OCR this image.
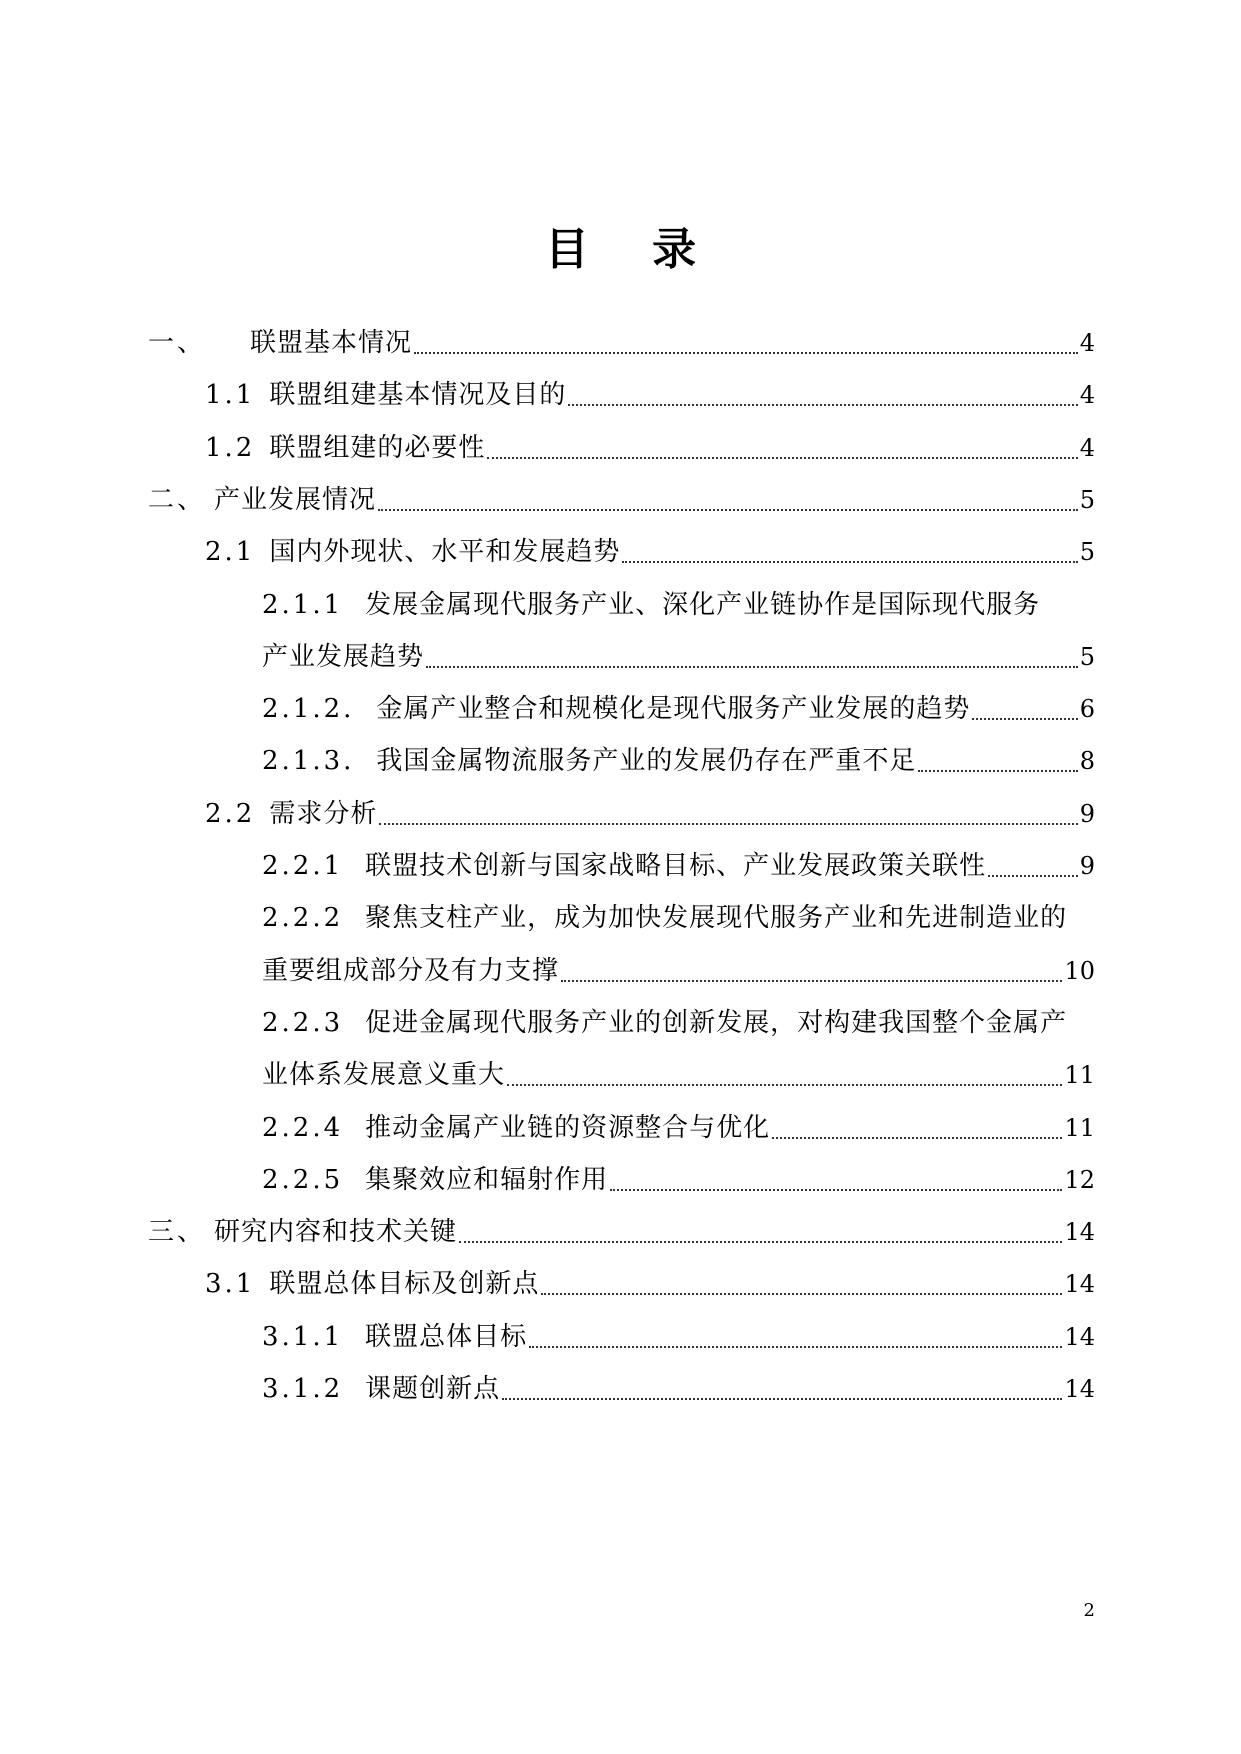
目 录
一、 联盟基本情况	4
1.1 联盟组建基本情况及目的	4
1.2 联盟组建的必要性	4
二、 产业发展情况	5
2.1 国内外现状、水平和发展趋势	5
2.1.1 发展金属现代服务产业、深化产业链协作是国际现代服务
产业发展趋势	5
2.1.2. 金属产业整合和规模化是现代服务产业发展的趋势	6
2.1.3. 我国金属物流服务产业的发展仍存在严重不足	8
2.2 需求分析	9
2.2.1 联盟技术创新与国家战略目标、产业发展政策关联性	9
2.2.2 聚焦支柱产业，成为加快发展现代服务产业和先进制造业的
重要组成部分及有力支撑	10
2.2.3 促进金属现代服务产业的创新发展，对构建我国整个金属产
业体系发展意义重大	11
2.2.4 推动金属产业链的资源整合与优化	11
2.2.5 集聚效应和辐射作用	12
三、 研究内容和技术关键	14
3.1 联盟总体目标及创新点	14
3.1.1 联盟总体目标	14
3.1.2 课题创新点	14
2
